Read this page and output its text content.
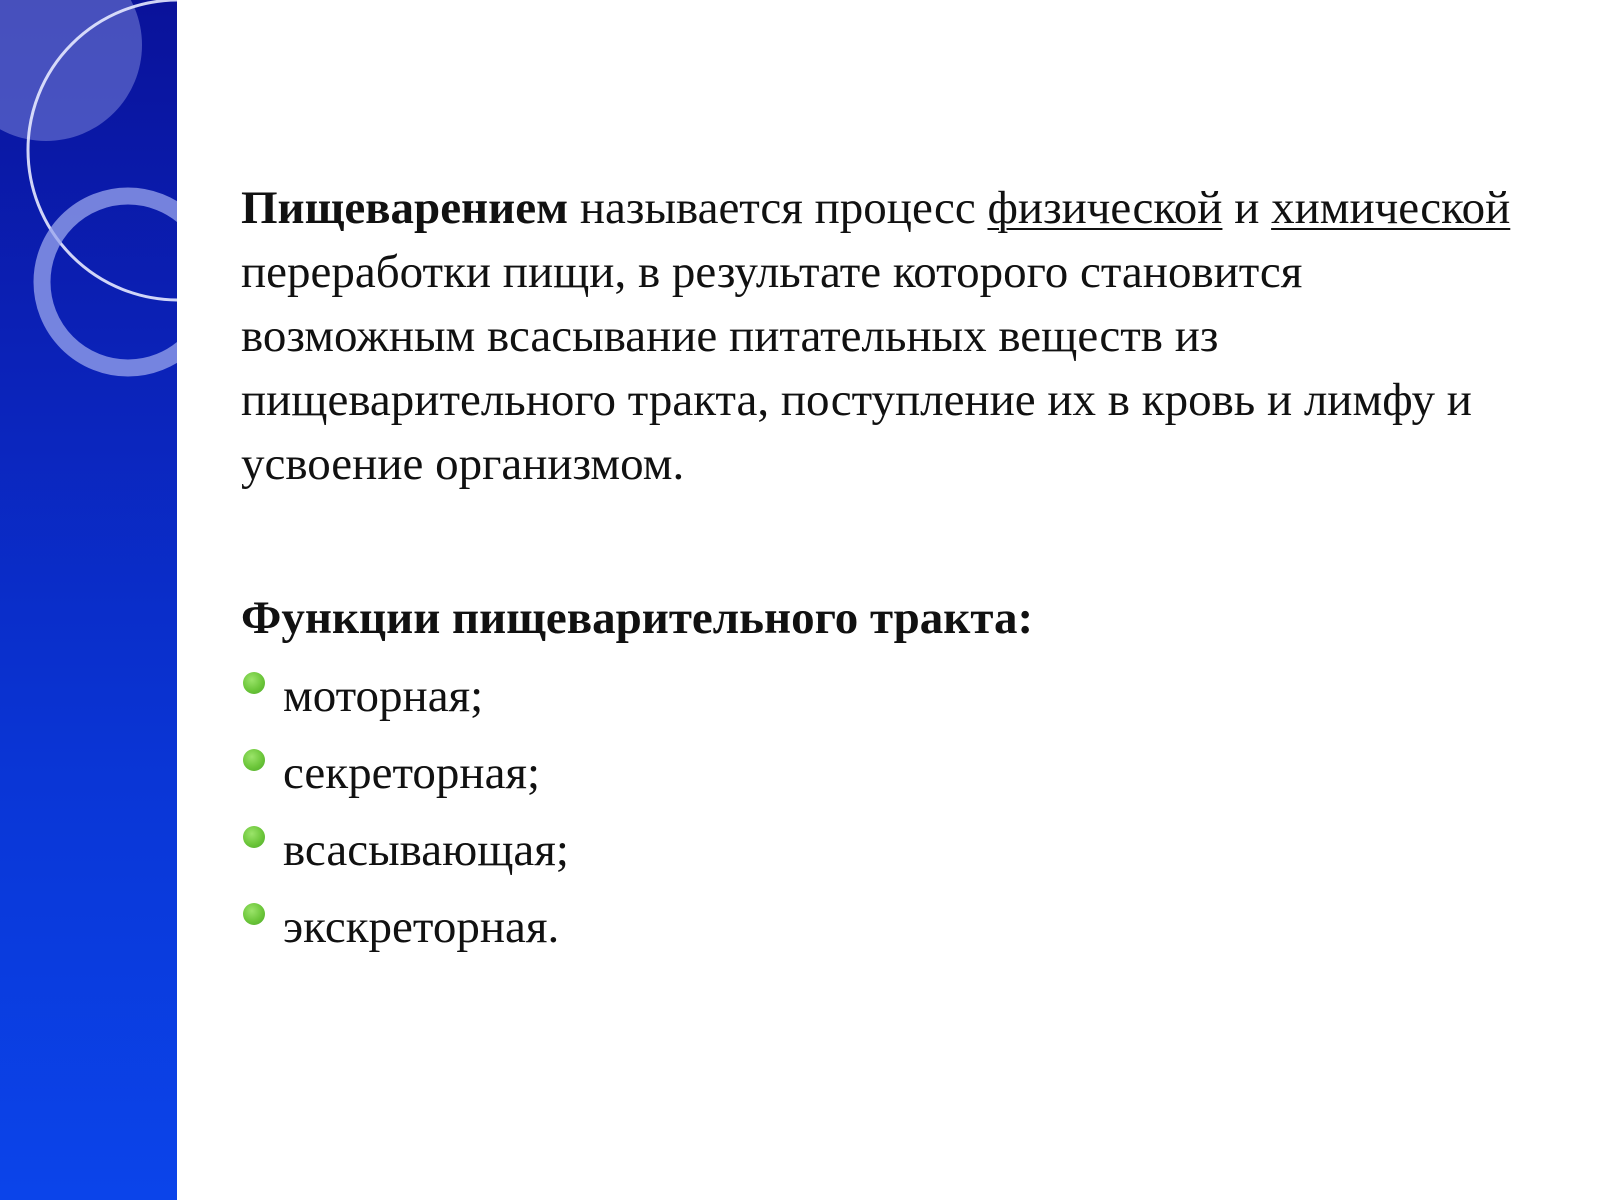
Пищеварением называется процесс физической и химической переработки пищи, в результате которого становится возможным всасывание питательных веществ из пищеварительного тракта, поступление их в кровь и лимфу и усвоение организмом.

Функции пищеварительного тракта:

моторная;
секреторная;
всасывающая;
экскреторная.
